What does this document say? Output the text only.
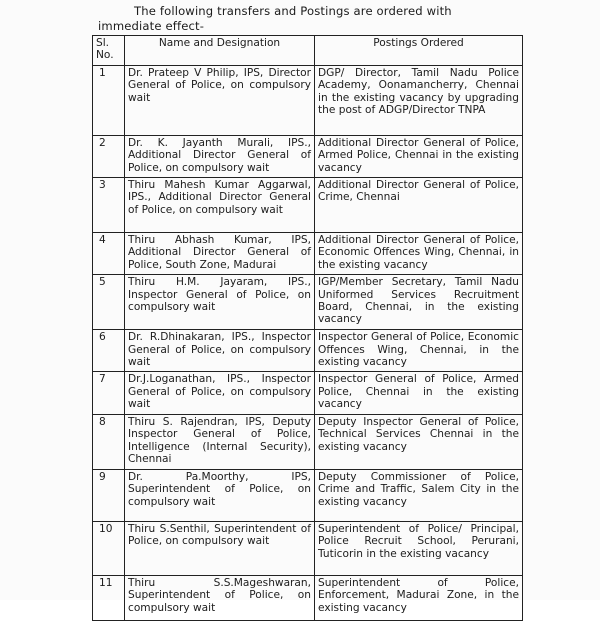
The following transfers and Postings are ordered with immediate effect-
Sl. No.	Name and Designation	Postings Ordered
1	Dr. Prateep V Philip, IPS, Director General of Police, on compulsory wait	DGP/ Director, Tamil Nadu Police Academy, Oonamancherry, Chennai in the existing vacancy by upgrading the post of ADGP/Director TNPA
2	Dr. K. Jayanth Murali, IPS., Additional Director General of Police, on compulsory wait	Additional Director General of Police, Armed Police, Chennai in the existing vacancy
3	Thiru Mahesh Kumar Aggarwal, IPS., Additional Director General of Police, on compulsory wait	Additional Director General of Police, Crime, Chennai
4	Thiru Abhash Kumar, IPS, Additional Director General of Police, South Zone, Madurai	Additional Director General of Police, Economic Offences Wing, Chennai, in the existing vacancy
5	Thiru H.M. Jayaram, IPS., Inspector General of Police, on compulsory wait	IGP/Member Secretary, Tamil Nadu Uniformed Services Recruitment Board, Chennai, in the existing vacancy
6	Dr. R.Dhinakaran, IPS., Inspector General of Police, on compulsory wait	Inspector General of Police, Economic Offences Wing, Chennai, in the existing vacancy
7	Dr.J.Loganathan, IPS., Inspector General of Police, on compulsory wait	Inspector General of Police, Armed Police, Chennai in the existing vacancy
8	Thiru S. Rajendran, IPS, Deputy Inspector General of Police, Intelligence (Internal Security), Chennai	Deputy Inspector General of Police, Technical Services Chennai in the existing vacancy
9	Dr. Pa.Moorthy, IPS, Superintendent of Police, on compulsory wait	Deputy Commissioner of Police, Crime and Traffic, Salem City in the existing vacancy
10	Thiru S.Senthil, Superintendent of Police, on compulsory wait	Superintendent of Police/ Principal, Police Recruit School, Perurani, Tuticorin in the existing vacancy
11	Thiru S.S.Mageshwaran, Superintendent of Police, on compulsory wait	Superintendent of Police, Enforcement, Madurai Zone, in the existing vacancy
